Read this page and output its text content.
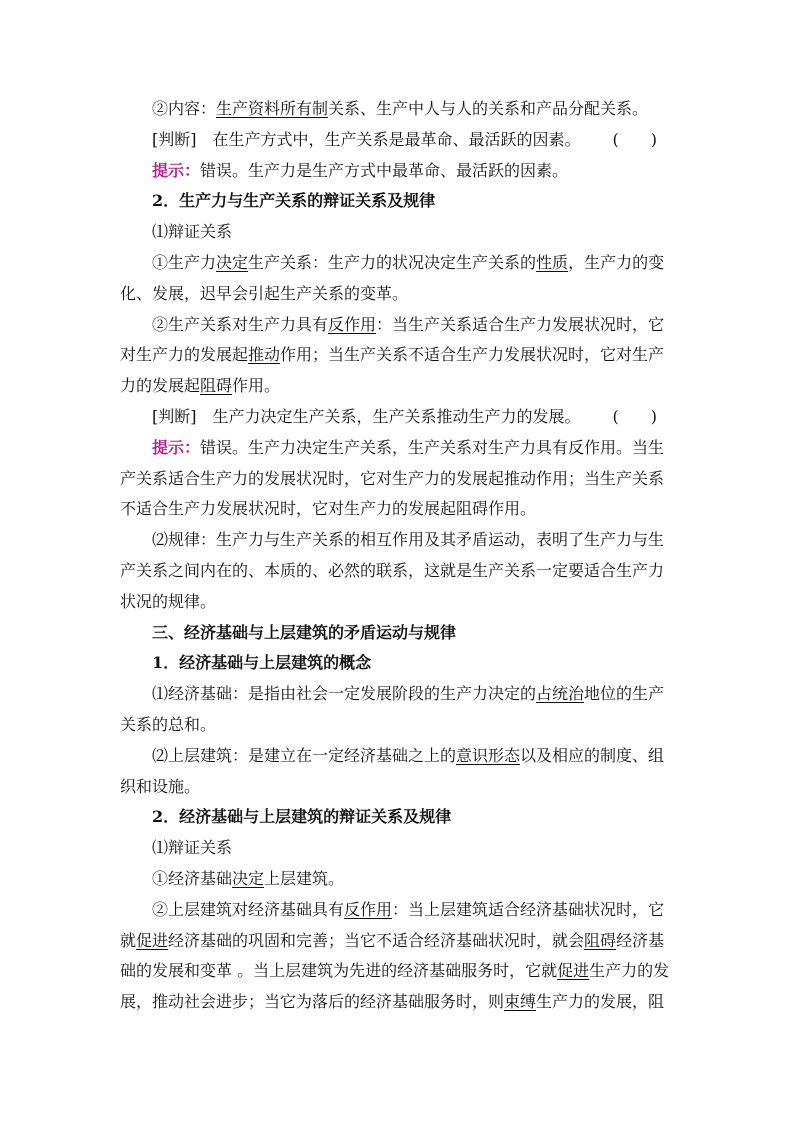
②内容：生产资料所有制关系、生产中人与人的关系和产品分配关系。

[判断]　 在生产方式中，生产关系是最革命、最活跃的因素。 (　　)

提示：错误。生产力是生产方式中最革命、最活跃的因素。

2．生产力与生产关系的辩证关系及规律

⑴辩证关系

①生产力决定生产关系：生产力的状况决定生产关系的性质，生产力的变化、发展，迟早会引起生产关系的变革。

②生产关系对生产力具有反作用：当生产关系适合生产力发展状况时，它对生产力的发展起推动作用；当生产关系不适合生产力发展状况时，它对生产力的发展起阻碍作用。

[判断]　 生产力决定生产关系，生产关系推动生产力的发展。 (　　)

提示：错误。生产力决定生产关系，生产关系对生产力具有反作用。当生产关系适合生产力的发展状况时，它对生产力的发展起推动作用；当生产关系不适合生产力发展状况时，它对生产力的发展起阻碍作用。

⑵规律：生产力与生产关系的相互作用及其矛盾运动，表明了生产力与生产关系之间内在的、本质的、必然的联系，这就是生产关系一定要适合生产力状况的规律。

三、经济基础与上层建筑的矛盾运动与规律

1．经济基础与上层建筑的概念

⑴经济基础：是指由社会一定发展阶段的生产力决定的占统治地位的生产关系的总和。

⑵上层建筑：是建立在一定经济基础之上的意识形态以及相应的制度、组织和设施。

2．经济基础与上层建筑的辩证关系及规律

⑴辩证关系

①经济基础决定上层建筑。

②上层建筑对经济基础具有反作用：当上层建筑适合经济基础状况时，它就促进经济基础的巩固和完善；当它不适合经济基础状况时，就会阻碍经济基础的发展和变革 。当上层建筑为先进的经济基础服务时，它就促进生产力的发展，推动社会进步；当它为落后的经济基础服务时，则束缚生产力的发展，阻
